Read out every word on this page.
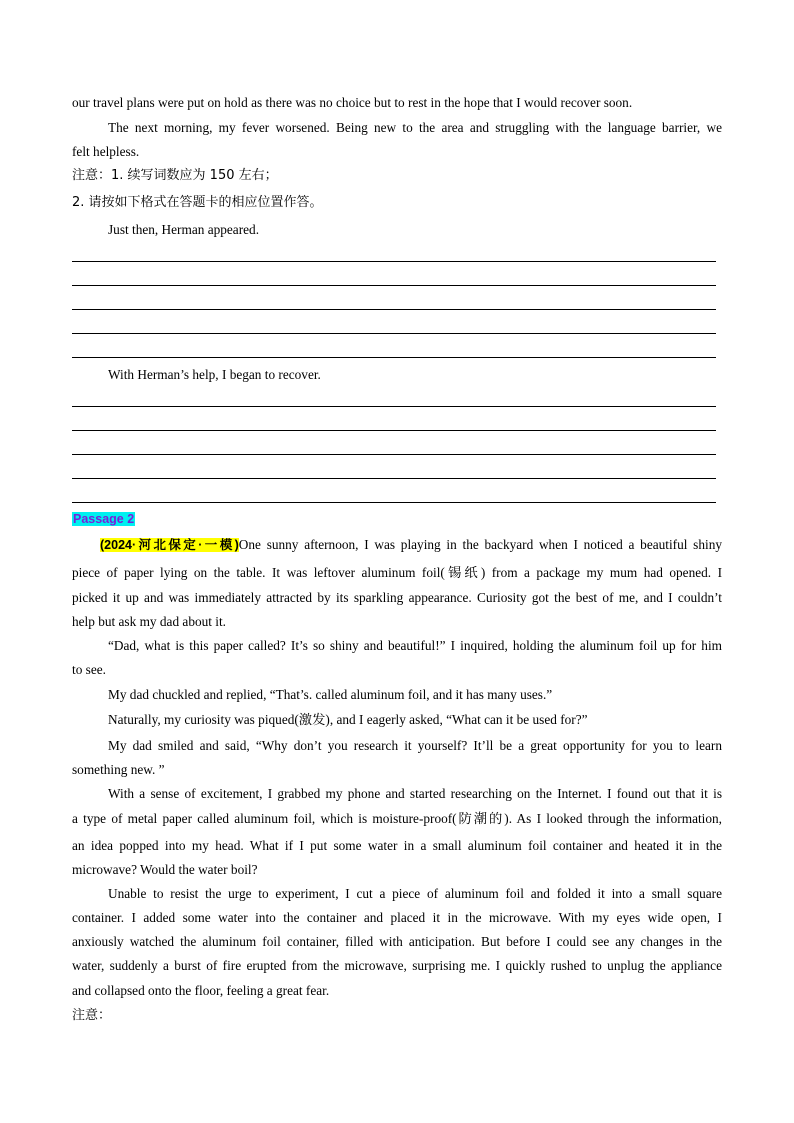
our travel plans were put on hold as there was no choice but to rest in the hope that I would recover soon.
The next morning, my fever worsened. Being new to the area and struggling with the language barrier, we
felt helpless.
注意：1. 续写词数应为 150 左右；
2. 请按如下格式在答题卡的相应位置作答。
Just then, Herman appeared.
With Herman’s help, I began to recover.
Passage 2
(2024·河北保定·一模)One sunny afternoon, I was playing in the backyard when I noticed a beautiful shiny
piece of paper lying on the table. It was leftover aluminum foil(锡纸) from a package my mum had opened. I
picked it up and was immediately attracted by its sparkling appearance. Curiosity got the best of me, and I couldn’t
help but ask my dad about it.
“Dad, what is this paper called? It’s so shiny and beautiful!” I inquired, holding the aluminum foil up for him
to see.
My dad chuckled and replied, “That’s. called aluminum foil, and it has many uses.”
Naturally, my curiosity was piqued(激发), and I eagerly asked, “What can it be used for?”
My dad smiled and said, “Why don’t you research it yourself? It’ll be a great opportunity for you to learn
something new. ”
With a sense of excitement, I grabbed my phone and started researching on the Internet. I found out that it is
a type of metal paper called aluminum foil, which is moisture-proof(防潮的). As I looked through the information,
an idea popped into my head. What if I put some water in a small aluminum foil container and heated it in the
microwave? Would the water boil?
Unable to resist the urge to experiment, I cut a piece of aluminum foil and folded it into a small square
container. I added some water into the container and placed it in the microwave. With my eyes wide open, I
anxiously watched the aluminum foil container, filled with anticipation. But before I could see any changes in the
water, suddenly a burst of fire erupted from the microwave, surprising me. I quickly rushed to unplug the appliance
and collapsed onto the floor, feeling a great fear.
注意：
